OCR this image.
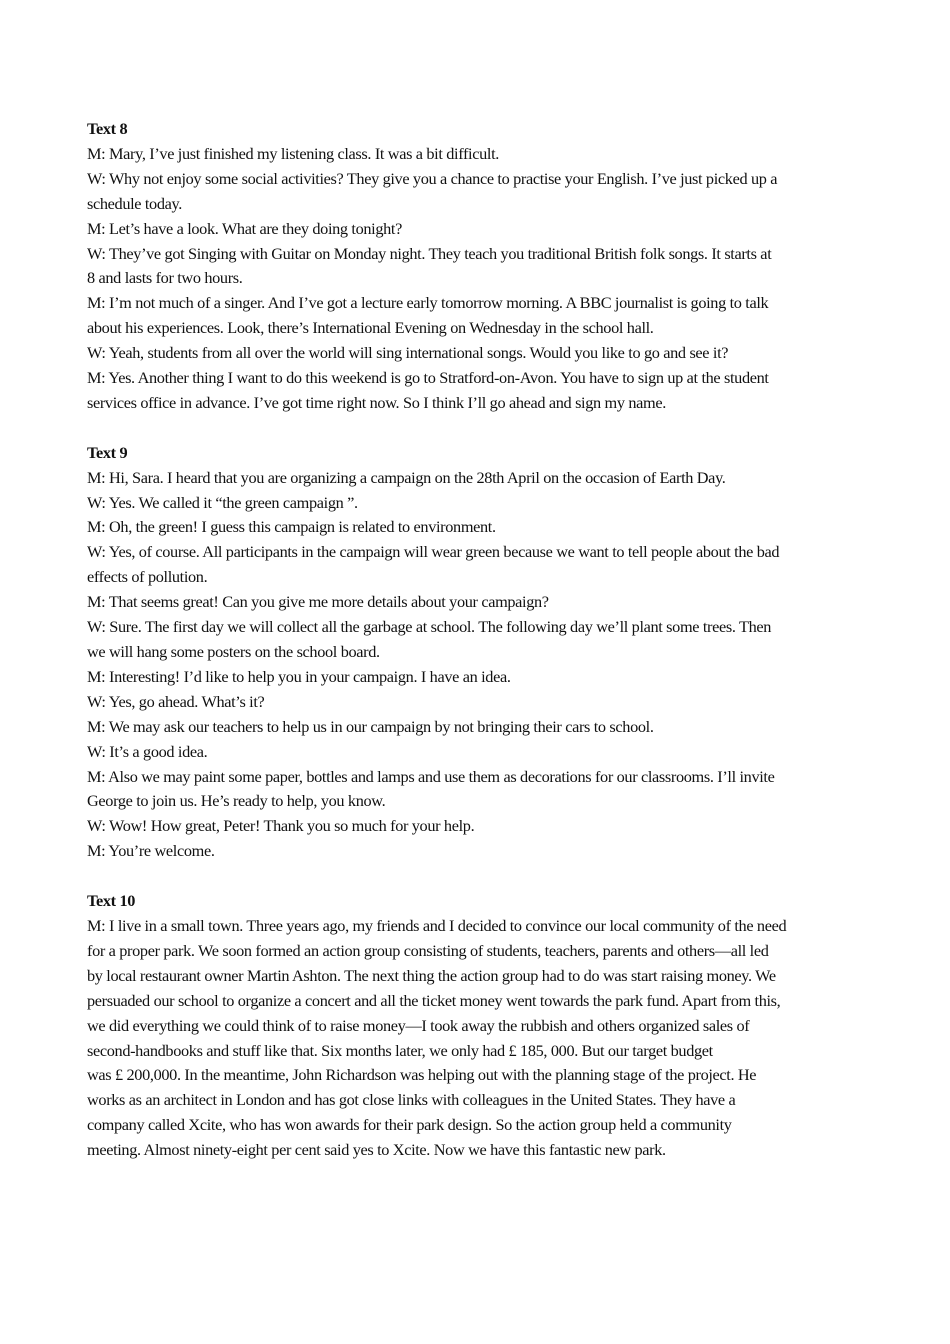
Text 8
M: Mary, I’ve just finished my listening class. It was a bit difficult.
W: Why not enjoy some social activities? They give you a chance to practise your English. I’ve just picked up a
schedule today.
M: Let’s have a look. What are they doing tonight?
W: They’ve got Singing with Guitar on Monday night. They teach you traditional British folk songs. It starts at
8 and lasts for two hours.
M: I’m not much of a singer. And I’ve got a lecture early tomorrow morning. A BBC journalist is going to talk
about his experiences. Look, there’s International Evening on Wednesday in the school hall.
W: Yeah, students from all over the world will sing international songs. Would you like to go and see it?
M: Yes. Another thing I want to do this weekend is go to Stratford-on-Avon. You have to sign up at the student
services office in advance. I’ve got time right now. So I think I’ll go ahead and sign my name.
Text 9
M: Hi, Sara. I heard that you are organizing a campaign on the 28th April on the occasion of Earth Day.
W: Yes. We called it “the green campaign ”.
M: Oh, the green! I guess this campaign is related to environment.
W: Yes, of course. All participants in the campaign will wear green because we want to tell people about the bad
effects of pollution.
M: That seems great! Can you give me more details about your campaign?
W: Sure. The first day we will collect all the garbage at school. The following day we’ll plant some trees. Then
we will hang some posters on the school board.
M: Interesting! I’d like to help you in your campaign. I have an idea.
W: Yes, go ahead. What’s it?
M: We may ask our teachers to help us in our campaign by not bringing their cars to school.
W: It’s a good idea.
M: Also we may paint some paper, bottles and lamps and use them as decorations for our classrooms. I’ll invite
George to join us. He’s ready to help, you know.
W: Wow! How great, Peter! Thank you so much for your help.
M: You’re welcome.
Text 10
M: I live in a small town. Three years ago, my friends and I decided to convince our local community of the need
for a proper park. We soon formed an action group consisting of students, teachers, parents and others—all led
by local restaurant owner Martin Ashton. The next thing the action group had to do was start raising money. We
persuaded our school to organize a concert and all the ticket money went towards the park fund. Apart from this,
we did everything we could think of to raise money—I took away the rubbish and others organized sales of
second-handbooks and stuff like that. Six months later, we only had £ 185, 000. But our target budget
was £ 200,000. In the meantime, John Richardson was helping out with the planning stage of the project. He
works as an architect in London and has got close links with colleagues in the United States. They have a
company called Xcite, who has won awards for their park design. So the action group held a community
meeting. Almost ninety-eight per cent said yes to Xcite. Now we have this fantastic new park.
